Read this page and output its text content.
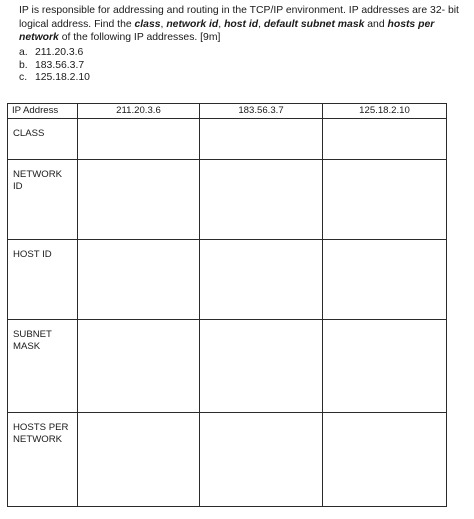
IP is responsible for addressing and routing in the TCP/IP environment. IP addresses are 32- bit logical address. Find the class, network id, host id, default subnet mask and hosts per network of the following IP addresses. [9m]

a. 211.20.3.6
b. 183.56.3.7
c. 125.18.2.10
IP Address	211.20.3.6	183.56.3.7	125.18.2.10
CLASS			
NETWORK ID			
HOST ID			
SUBNET MASK			
HOSTS PER NETWORK			
